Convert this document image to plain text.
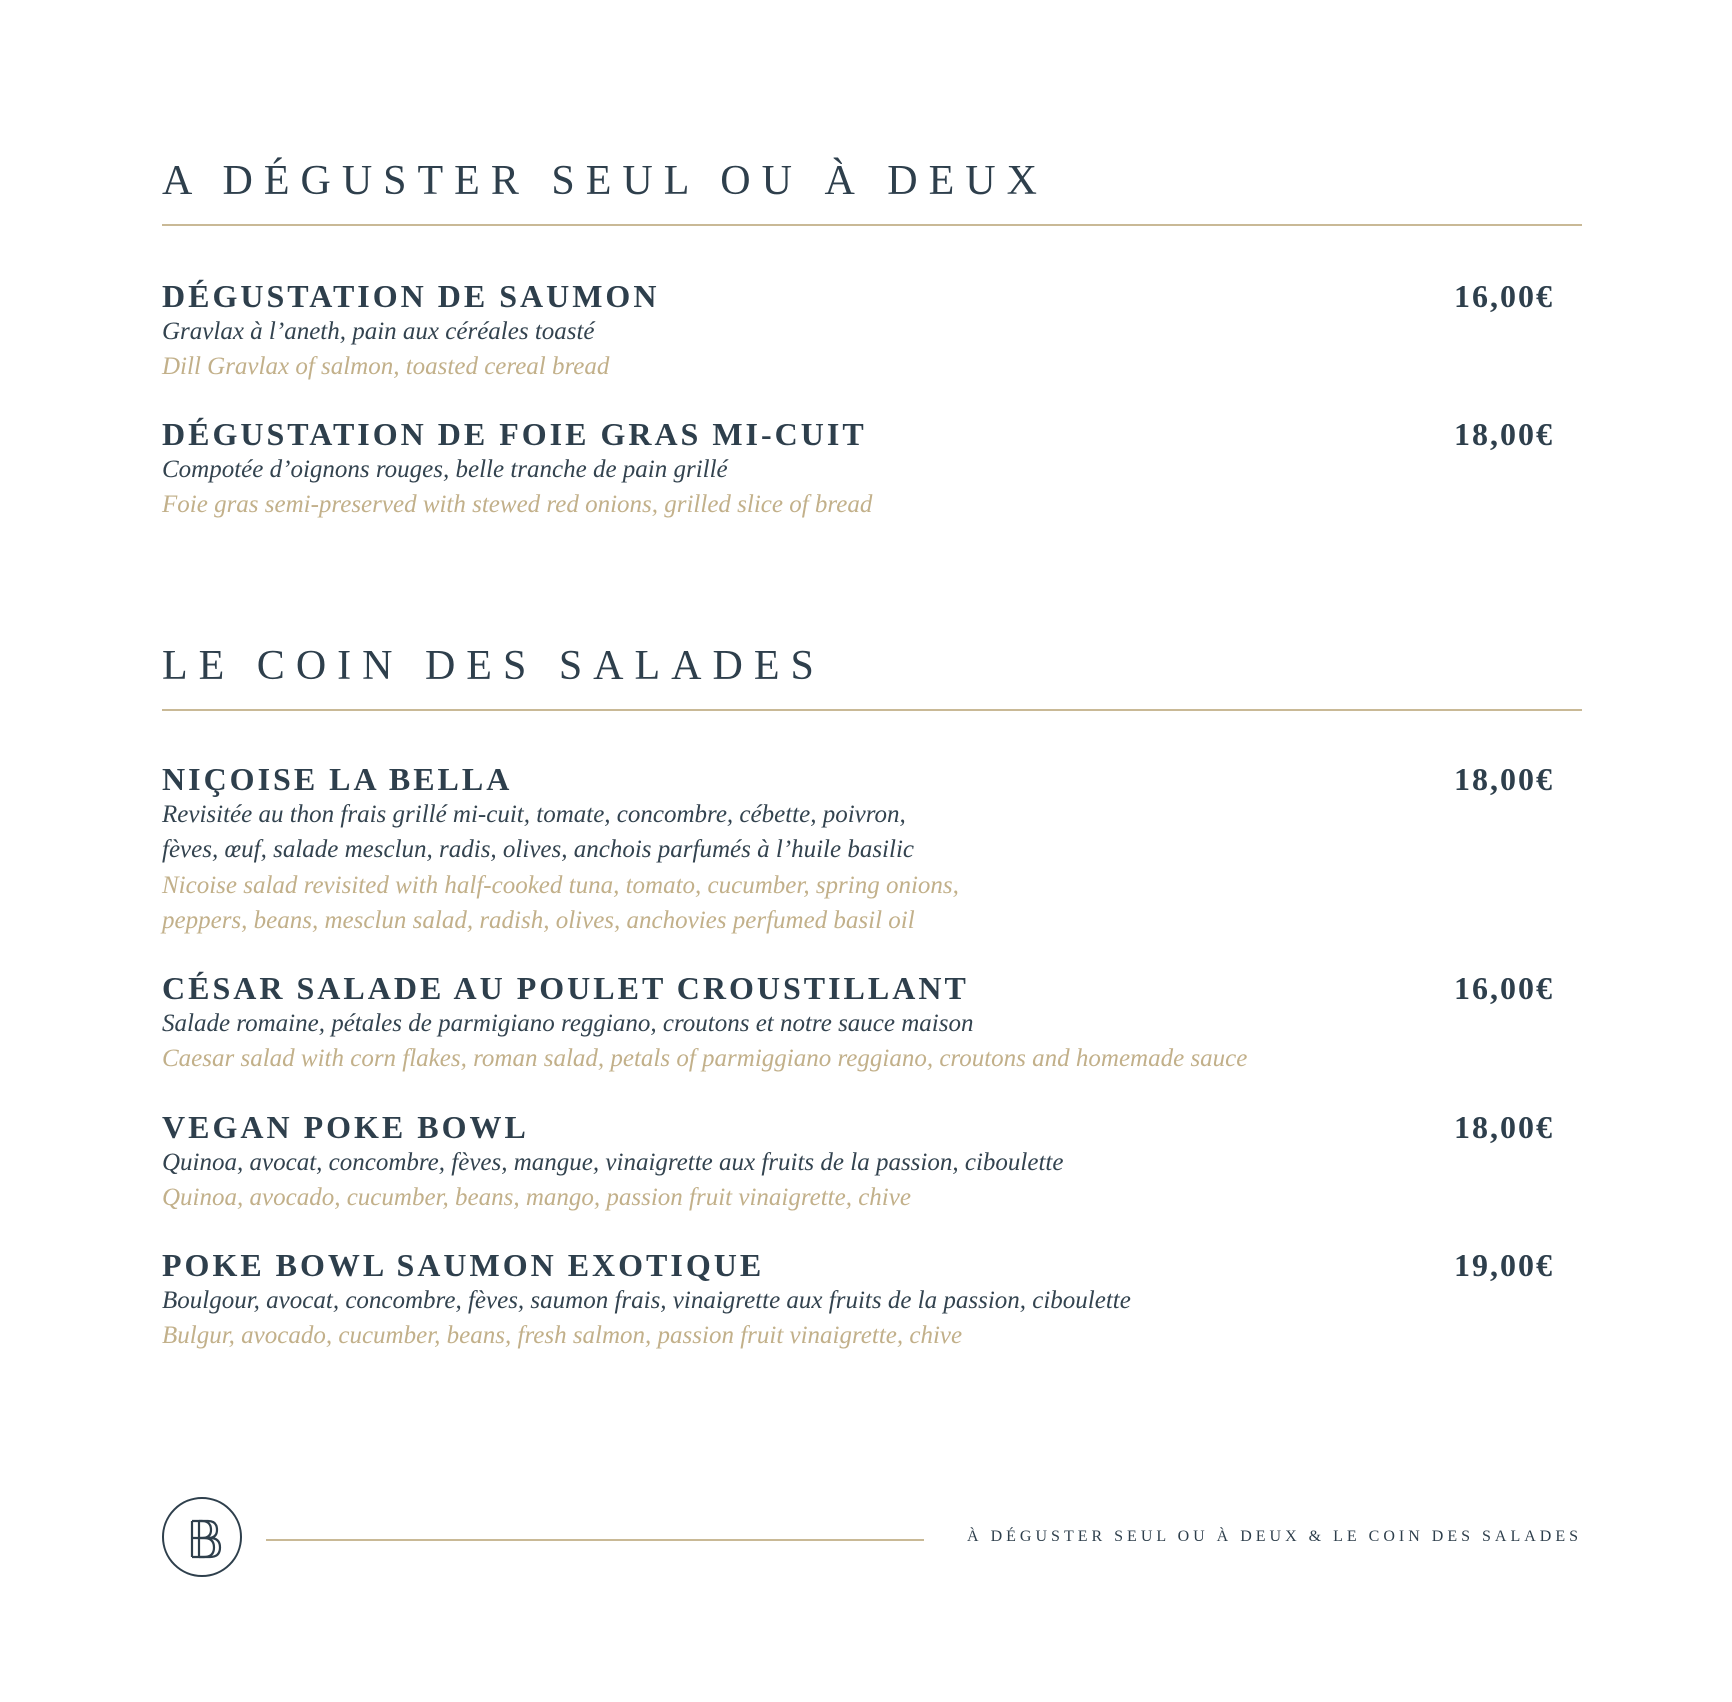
A DÉGUSTER SEUL OU À DEUX
DÉGUSTATION DE SAUMON	16,00€

Gravlax à l’aneth, pain aux céréales toasté

Dill Gravlax of salmon, toasted cereal bread

DÉGUSTATION DE FOIE GRAS MI-CUIT	18,00€

Compotée d’oignons rouges, belle tranche de pain grillé

Foie gras semi-preserved with stewed red onions, grilled slice of bread

LE COIN DES SALADES
NIÇOISE LA BELLA	18,00€

Revisitée au thon frais grillé mi-cuit, tomate, concombre, cébette, poivron,

fèves, œuf, salade mesclun, radis, olives, anchois parfumés à l’huile basilic

Nicoise salad revisited with half-cooked tuna, tomato, cucumber, spring onions,

peppers, beans, mesclun salad, radish, olives, anchovies perfumed basil oil

CÉSAR SALADE AU POULET CROUSTILLANT	16,00€

Salade romaine, pétales de parmigiano reggiano, croutons et notre sauce maison

Caesar salad with corn flakes, roman salad, petals of parmiggiano reggiano, croutons and homemade sauce

VEGAN POKE BOWL	18,00€

Quinoa, avocat, concombre, fèves, mangue, vinaigrette aux fruits de la passion, ciboulette

Quinoa, avocado, cucumber, beans, mango, passion fruit vinaigrette, chive

POKE BOWL SAUMON EXOTIQUE	19,00€

Boulgour, avocat, concombre, fèves, saumon frais, vinaigrette aux fruits de la passion, ciboulette

Bulgur, avocado, cucumber, beans, fresh salmon, passion fruit vinaigrette, chive

À DÉGUSTER SEUL OU À DEUX & LE COIN DES SALADES
